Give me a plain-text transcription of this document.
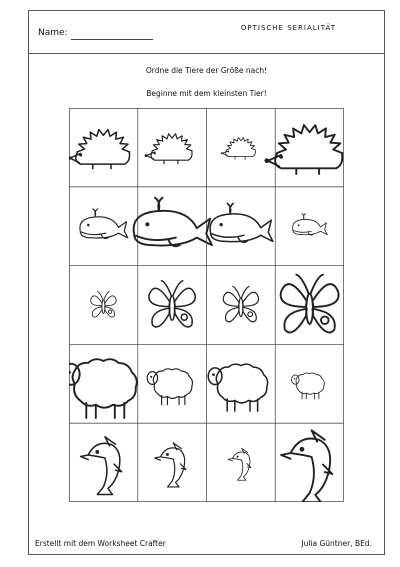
Name:	OPTISCHE SERIALITÄT
Ordne die Tiere der Größe nach!
Beginne mit dem kleinsten Tier!
Erstellt mit dem Worksheet Crafter	Julia Güntner, BEd.
